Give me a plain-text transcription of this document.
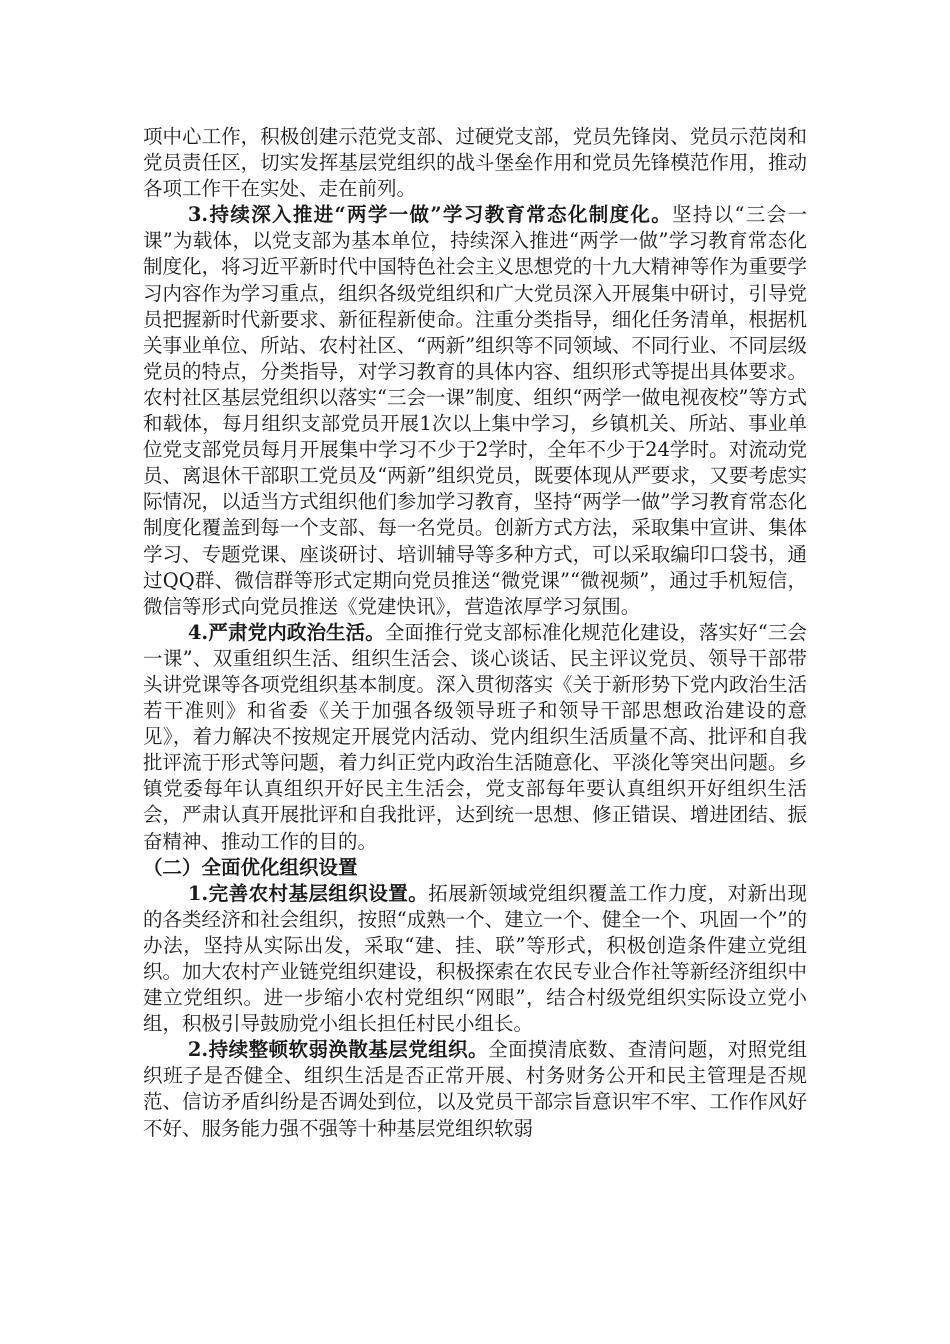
项中心工作，积极创建示范党支部、过硬党支部，党员先锋岗、党员示范岗和党员责任区，切实发挥基层党组织的战斗堡垒作用和党员先锋模范作用，推动各项工作干在实处、走在前列。

3.持续深入推进“两学一做”学习教育常态化制度化。坚持以“三会一课”为载体，以党支部为基本单位，持续深入推进“两学一做”学习教育常态化制度化，将习近平新时代中国特色社会主义思想党的十九大精神等作为重要学习内容作为学习重点，组织各级党组织和广大党员深入开展集中研讨，引导党员把握新时代新要求、新征程新使命。注重分类指导，细化任务清单，根据机关事业单位、所站、农村社区、“两新”组织等不同领域、不同行业、不同层级党员的特点，分类指导，对学习教育的具体内容、组织形式等提出具体要求。农村社区基层党组织以落实“三会一课”制度、组织“两学一做电视夜校”等方式和载体，每月组织支部党员开展1次以上集中学习，乡镇机关、所站、事业单位党支部党员每月开展集中学习不少于2学时，全年不少于24学时。对流动党员、离退休干部职工党员及“两新”组织党员，既要体现从严要求，又要考虑实际情况，以适当方式组织他们参加学习教育，坚持“两学一做”学习教育常态化制度化覆盖到每一个支部、每一名党员。创新方式方法，采取集中宣讲、集体学习、专题党课、座谈研讨、培训辅导等多种方式，可以采取编印口袋书，通过QQ群、微信群等形式定期向党员推送“微党课”“微视频”，通过手机短信，微信等形式向党员推送《党建快讯》，营造浓厚学习氛围。

4.严肃党内政治生活。全面推行党支部标准化规范化建设，落实好“三会一课”、双重组织生活、组织生活会、谈心谈话、民主评议党员、领导干部带头讲党课等各项党组织基本制度。深入贯彻落实《关于新形势下党内政治生活若干准则》和省委《关于加强各级领导班子和领导干部思想政治建设的意见》，着力解决不按规定开展党内活动、党内组织生活质量不高、批评和自我批评流于形式等问题，着力纠正党内政治生活随意化、平淡化等突出问题。乡镇党委每年认真组织开好民主生活会，党支部每年要认真组织开好组织生活会，严肃认真开展批评和自我批评，达到统一思想、修正错误、增进团结、振奋精神、推动工作的目的。

（二）全面优化组织设置

1.完善农村基层组织设置。拓展新领域党组织覆盖工作力度，对新出现的各类经济和社会组织，按照“成熟一个、建立一个、健全一个、巩固一个”的办法，坚持从实际出发，采取“建、挂、联”等形式，积极创造条件建立党组织。加大农村产业链党组织建设，积极探索在农民专业合作社等新经济组织中建立党组织。进一步缩小农村党组织“网眼”，结合村级党组织实际设立党小组，积极引导鼓励党小组长担任村民小组长。

2.持续整顿软弱涣散基层党组织。全面摸清底数、查清问题，对照党组织班子是否健全、组织生活是否正常开展、村务财务公开和民主管理是否规范、信访矛盾纠纷是否调处到位，以及党员干部宗旨意识牢不牢、工作作风好不好、服务能力强不强等十种基层党组织软弱
